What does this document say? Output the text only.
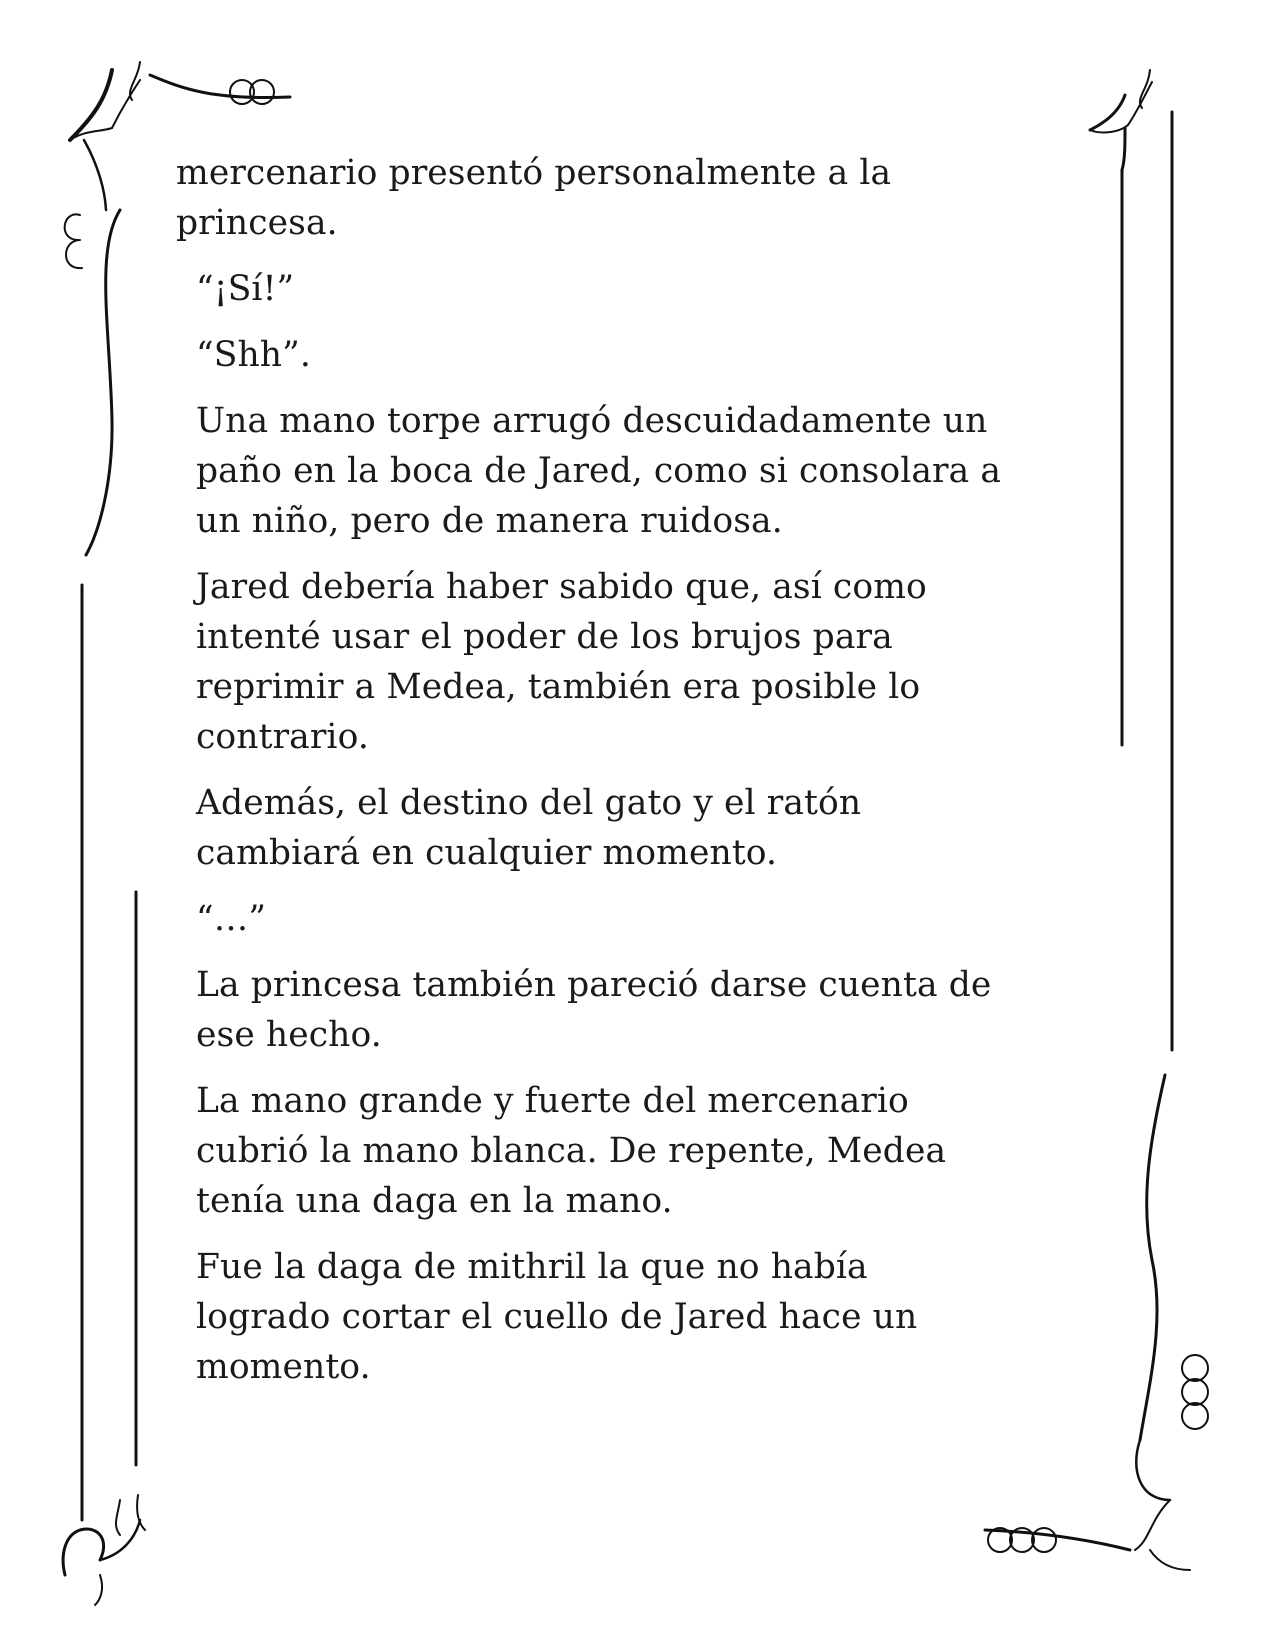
mercenario presentó personalmente a la
princesa.

“¡Sí!”

“Shh”.

Una mano torpe arrugó descuidadamente un
paño en la boca de Jared, como si consolara a
un niño, pero de manera ruidosa.

Jared debería haber sabido que, así como
intenté usar el poder de los brujos para
reprimir a Medea, también era posible lo
contrario.

Además, el destino del gato y el ratón
cambiará en cualquier momento.

“…”

La princesa también pareció darse cuenta de
ese hecho.

La mano grande y fuerte del mercenario
cubrió la mano blanca. De repente, Medea
tenía una daga en la mano.

Fue la daga de mithril la que no había
logrado cortar el cuello de Jared hace un
momento.
